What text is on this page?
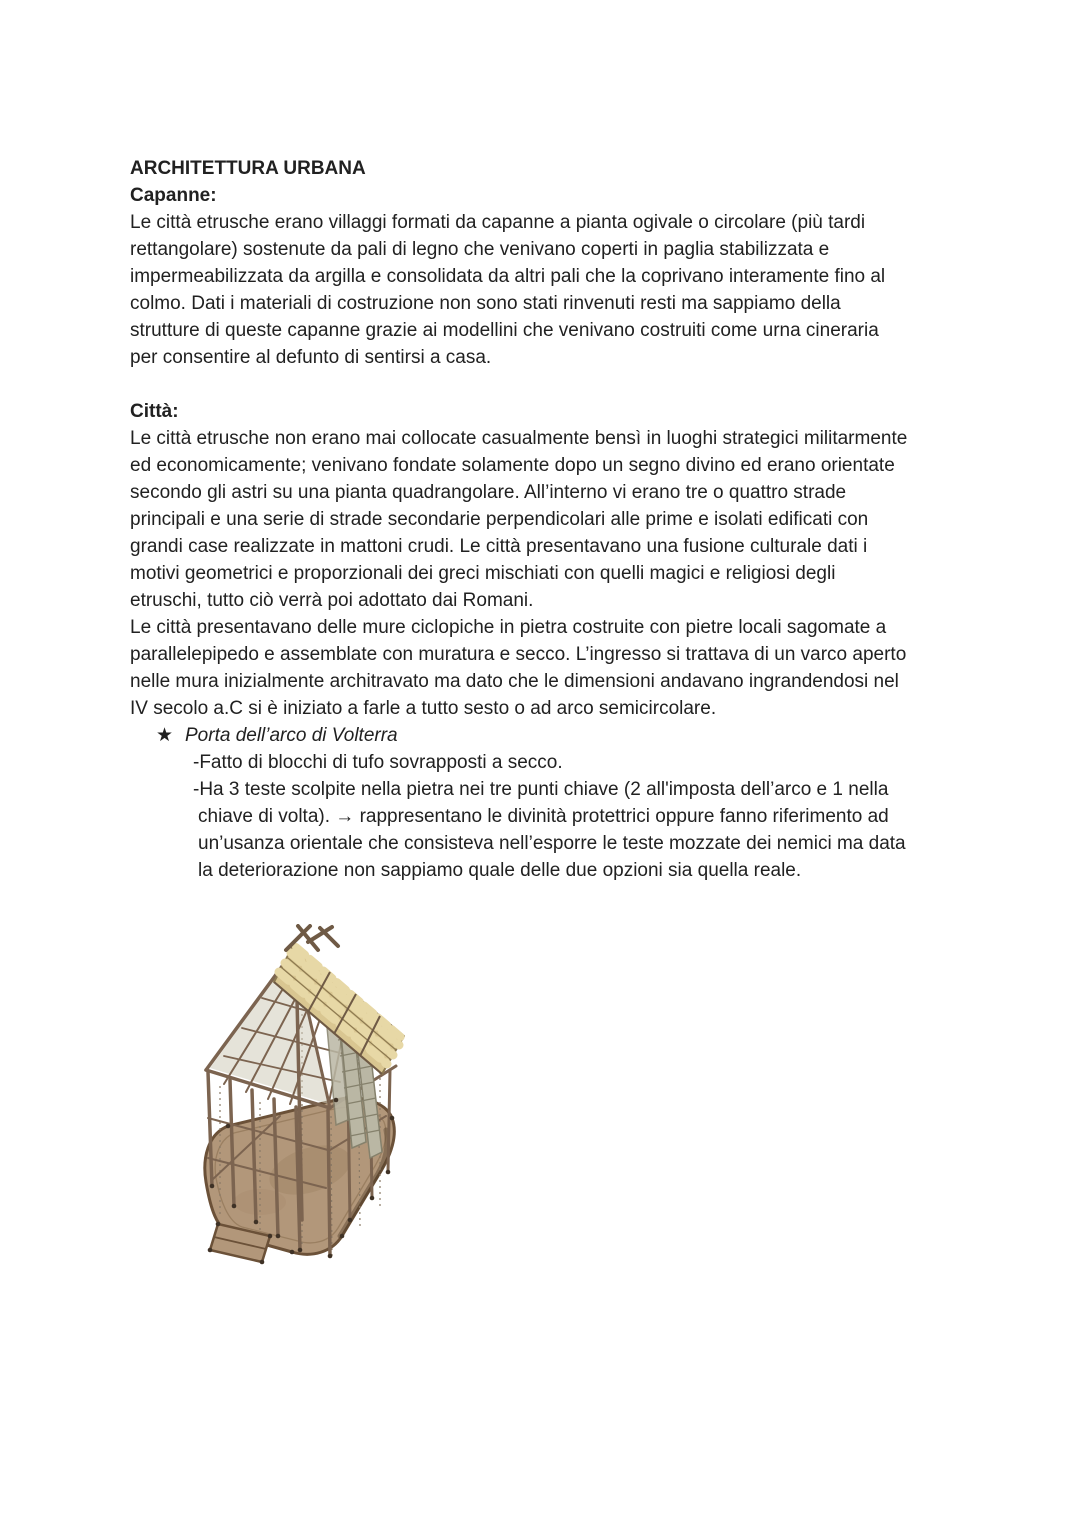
ARCHITETTURA URBANA
Capanne:
Le città etrusche erano villaggi formati da capanne a pianta ogivale o circolare (più tardi
rettangolare) sostenute da pali di legno che venivano coperti in paglia stabilizzata e
impermeabilizzata da argilla e consolidata da altri pali che la coprivano interamente fino al
colmo. Dati i materiali di costruzione non sono stati rinvenuti resti ma sappiamo della
strutture di queste capanne grazie ai modellini che venivano costruiti come urna cineraria
per consentire al defunto di sentirsi a casa.
Città:
Le città etrusche non erano mai collocate casualmente bensì in luoghi strategici militarmente
ed economicamente; venivano fondate solamente dopo un segno divino ed erano orientate
secondo gli astri su una pianta quadrangolare. All’interno vi erano tre o quattro strade
principali e una serie di strade secondarie perpendicolari alle prime e isolati edificati con
grandi case realizzate in mattoni crudi. Le città presentavano una fusione culturale dati i
motivi geometrici e proporzionali dei greci mischiati con quelli magici e religiosi degli
etruschi, tutto ciò verrà poi adottato dai Romani.
Le città presentavano delle mure ciclopiche in pietra costruite con pietre locali sagomate a
parallelepipedo e assemblate con muratura e secco. L’ingresso si trattava di un varco aperto
nelle mura inizialmente architravato ma dato che le dimensioni andavano ingrandendosi nel
IV secolo a.C si è iniziato a farle a tutto sesto o ad arco semicircolare.
★ Porta dell’arco di Volterra
-Fatto di blocchi di tufo sovrapposti a secco.
-Ha 3 teste scolpite nella pietra nei tre punti chiave (2 all'imposta dell’arco e 1 nella
chiave di volta). → rappresentano le divinità protettrici oppure fanno riferimento ad
un’usanza orientale che consisteva nell’esporre le teste mozzate dei nemici ma data
la deteriorazione non sappiamo quale delle due opzioni sia quella reale.
